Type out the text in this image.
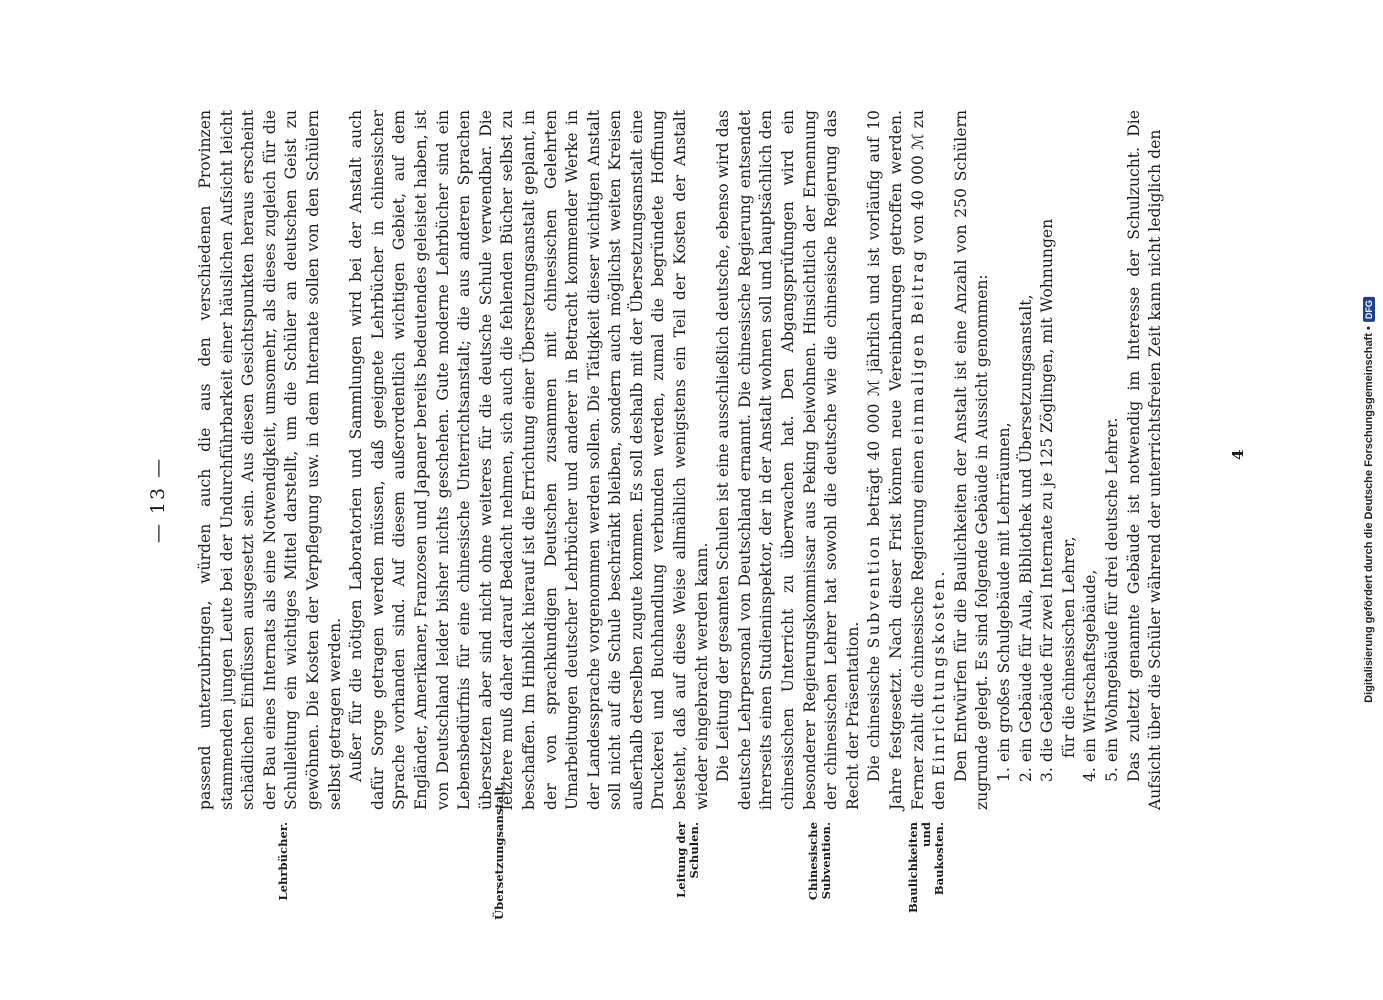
— 13 —
Lehrbücher.	Übersetzungsanstalt.	Leitung der Schulen.	Chinesische Subvention.	Baulichkeiten und Baukosten.

passend unterzubringen, würden auch die aus den verschiedenen Provinzen stammenden jungen Leute bei der Undurchführbarkeit einer häuslichen Aufsicht leicht schädlichen Einflüssen ausgesetzt sein. Aus diesen Gesichtspunkten heraus erscheint der Bau eines Internats als eine Notwendigkeit, umsomehr, als dieses zugleich für die Schulleitung ein wichtiges Mittel darstellt, um die Schüler an deutschen Geist zu gewöhnen. Die Kosten der Verpflegung usw. in dem Internate sollen von den Schülern selbst getragen werden. Außer für die nötigen Laboratorien und Sammlungen wird bei der Anstalt auch dafür Sorge getragen werden müssen, daß geeignete Lehrbücher in chinesischer Sprache vorhanden sind. Auf diesem außerordentlich wichtigen Gebiet, auf dem Engländer, Amerikaner, Franzosen und Japaner bereits bedeutendes geleistet haben, ist von Deutschland leider bisher nichts geschehen. Gute moderne Lehrbücher sind ein Lebensbedürfnis für eine chinesische Unterrichtsanstalt; die aus anderen Sprachen übersetzten aber sind nicht ohne weiteres für die deutsche Schule verwendbar. Die letztere muß daher darauf Bedacht nehmen, sich auch die fehlenden Bücher selbst zu beschaffen. Im Hinblick hierauf ist die Errichtung einer Übersetzungsanstalt geplant, in der von sprachkundigen Deutschen zusammen mit chinesischen Gelehrten Umarbeitungen deutscher Lehrbücher und anderer in Betracht kommender Werke in der Landessprache vorgenommen werden sollen. Die Tätigkeit dieser wichtigen Anstalt soll nicht auf die Schule beschränkt bleiben, sondern auch möglichst weiten Kreisen außerhalb derselben zugute kommen. Es soll deshalb mit der Übersetzungsanstalt eine Druckerei und Buchhandlung verbunden werden, zumal die begründete Hoffnung besteht, daß auf diese Weise allmählich wenigstens ein Teil der Kosten der Anstalt wieder eingebracht werden kann. Die Leitung der gesamten Schulen ist eine ausschließlich deutsche, ebenso wird das deutsche Lehrpersonal von Deutschland ernannt. Die chinesische Regierung entsendet ihrerseits einen Studieninspektor, der in der Anstalt wohnen soll und hauptsächlich den chinesischen Unterricht zu überwachen hat. Den Abgangsprüfungen wird ein besonderer Regierungskommissar aus Peking beiwohnen. Hinsichtlich der Ernennung der chinesischen Lehrer hat sowohl die deutsche wie die chinesische Regierung das Recht der Präsentation. Die chinesische Subvention beträgt 40 000 ℳ jährlich und ist vorläufig auf 10 Jahre festgesetzt. Nach dieser Frist können neue Vereinbarungen getroffen werden. Ferner zahlt die chinesische Regierung einen einmaligen Beitrag von 40 000 ℳ zu den Einrichtungskosten. Den Entwürfen für die Baulichkeiten der Anstalt ist eine Anzahl von 250 Schülern zugrunde gelegt. Es sind folgende Gebäude in Aussicht genommen: 1. ein großes Schulgebäude mit Lehrräumen, 2. ein Gebäude für Aula, Bibliothek und Übersetzungsanstalt, 3. die Gebäude für zwei Internate zu je 125 Zöglingen, mit Wohnungen für die chinesischen Lehrer, 4. ein Wirtschaftsgebäude, 5. ein Wohngebäude für drei deutsche Lehrer. Das zuletzt genannte Gebäude ist notwendig im Interesse der Schulzucht. Die Aufsicht über die Schüler während der unterrichtsfreien Zeit kann nicht lediglich den	4	Digitalisierung gefördert durch die Deutsche Forschungsgemeinschaft •DFG
